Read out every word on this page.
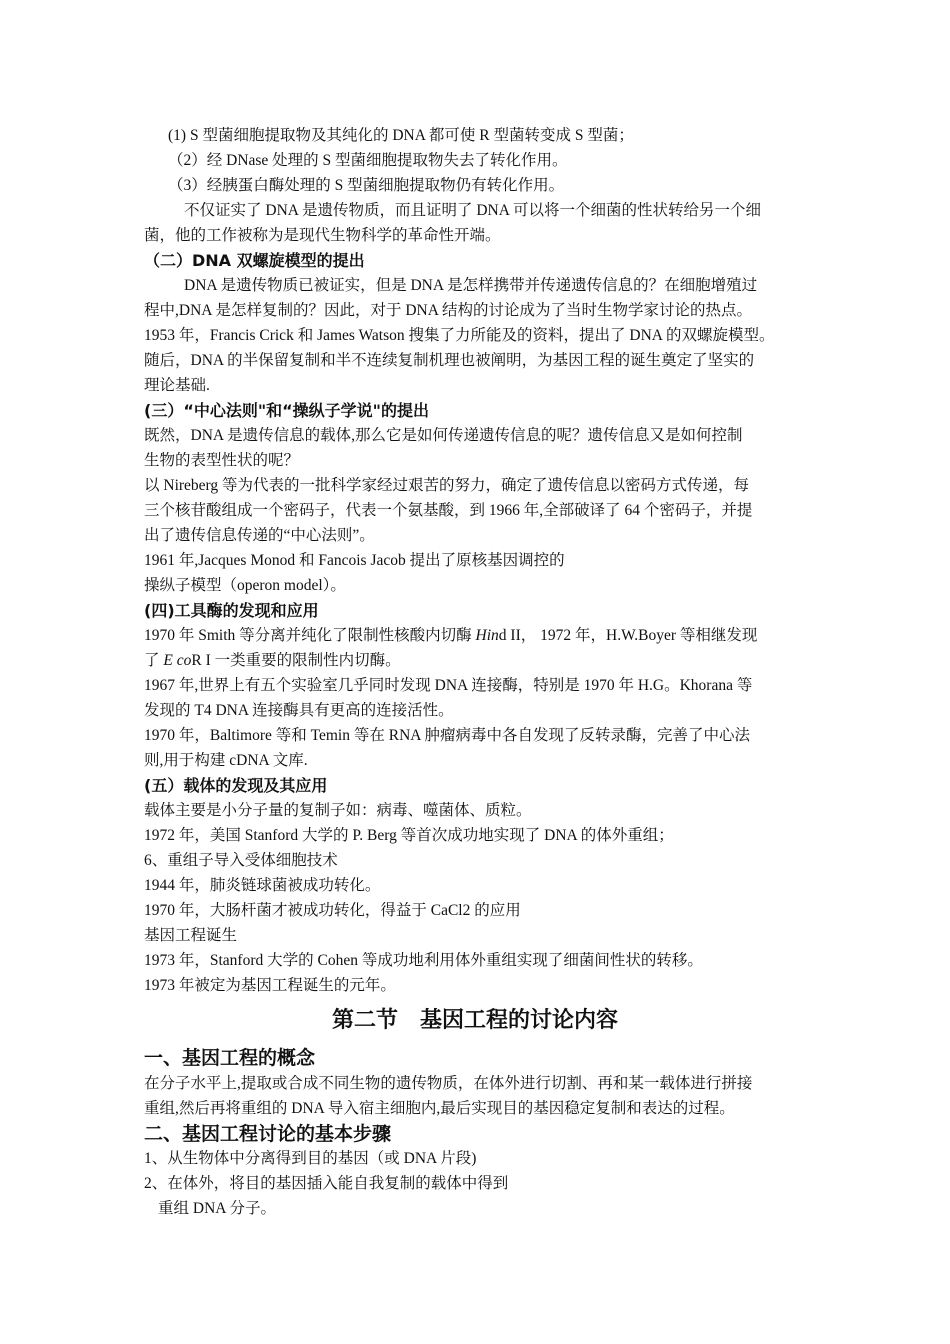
(1) S 型菌细胞提取物及其纯化的 DNA 都可使 R 型菌转变成 S 型菌；
（2）经 DNase 处理的 S 型菌细胞提取物失去了转化作用。
（3）经胰蛋白酶处理的 S 型菌细胞提取物仍有转化作用。
不仅证实了 DNA 是遗传物质，而且证明了 DNA 可以将一个细菌的性状转给另一个细
菌，他的工作被称为是现代生物科学的革命性开端。
（二）DNA 双螺旋模型的提出
DNA 是遗传物质已被证实，但是 DNA 是怎样携带并传递遗传信息的？在细胞增殖过
程中,DNA 是怎样复制的？因此，对于 DNA 结构的讨论成为了当时生物学家讨论的热点。
1953 年，Francis Crick 和 James Watson 搜集了力所能及的资料，提出了 DNA 的双螺旋模型。
随后，DNA 的半保留复制和半不连续复制机理也被阐明，为基因工程的诞生奠定了坚实的
理论基础.
(三）“中心法则"和“操纵子学说"的提出
既然，DNA 是遗传信息的载体,那么它是如何传递遗传信息的呢？遗传信息又是如何控制
生物的表型性状的呢？
以 Nireberg 等为代表的一批科学家经过艰苦的努力，确定了遗传信息以密码方式传递，每
三个核苷酸组成一个密码子，代表一个氨基酸，到 1966 年,全部破译了 64 个密码子，并提
出了遗传信息传递的“中心法则”。
1961 年,Jacques Monod 和 Fancois Jacob 提出了原核基因调控的
操纵子模型（operon model）。
(四)工具酶的发现和应用
1970 年 Smith 等分离并纯化了限制性核酸内切酶 Hind II， 1972 年，H.W.Boyer 等相继发现
了 E coR I 一类重要的限制性内切酶。
1967 年,世界上有五个实验室几乎同时发现 DNA 连接酶，特别是 1970 年 H.G。Khorana 等
发现的 T4 DNA 连接酶具有更高的连接活性。
1970 年，Baltimore 等和 Temin 等在 RNA 肿瘤病毒中各自发现了反转录酶，完善了中心法
则,用于构建 cDNA 文库.
(五）载体的发现及其应用
载体主要是小分子量的复制子如：病毒、噬菌体、质粒。
1972 年，美国 Stanford 大学的 P. Berg 等首次成功地实现了 DNA 的体外重组；
6、重组子导入受体细胞技术
1944 年，肺炎链球菌被成功转化。
1970 年，大肠杆菌才被成功转化，得益于 CaCl2 的应用
基因工程诞生
1973 年，Stanford 大学的 Cohen 等成功地利用体外重组实现了细菌间性状的转移。
1973 年被定为基因工程诞生的元年。
第二节　基因工程的讨论内容
一、基因工程的概念
在分子水平上,提取或合成不同生物的遗传物质，在体外进行切割、再和某一载体进行拼接
重组,然后再将重组的 DNA 导入宿主细胞内,最后实现目的基因稳定复制和表达的过程。
二、基因工程讨论的基本步骤
1、从生物体中分离得到目的基因（或 DNA 片段)
2、在体外，将目的基因插入能自我复制的载体中得到
重组 DNA 分子。
